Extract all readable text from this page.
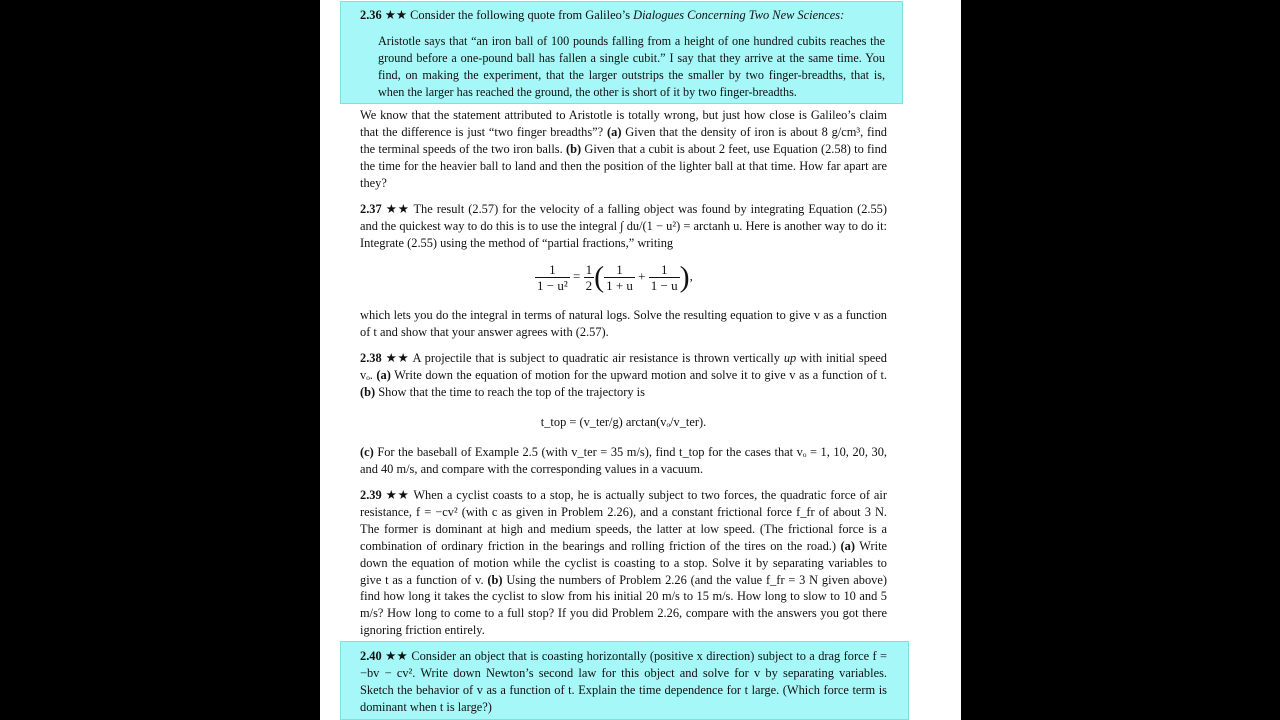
2.36 ★★ Consider the following quote from Galileo’s Dialogues Concerning Two New Sciences:

Aristotle says that “an iron ball of 100 pounds falling from a height of one hundred cubits reaches the ground before a one-pound ball has fallen a single cubit.” I say that they arrive at the same time. You find, on making the experiment, that the larger outstrips the smaller by two finger-breadths, that is, when the larger has reached the ground, the other is short of it by two finger-breadths.

We know that the statement attributed to Aristotle is totally wrong, but just how close is Galileo’s claim that the difference is just “two finger breadths”? (a) Given that the density of iron is about 8 g/cm³, find the terminal speeds of the two iron balls. (b) Given that a cubit is about 2 feet, use Equation (2.58) to find the time for the heavier ball to land and then the position of the lighter ball at that time. How far apart are they?

2.37 ★★ The result (2.57) for the velocity of a falling object was found by integrating Equation (2.55) and the quickest way to do this is to use the integral ∫ du/(1 − u²) = arctanh u. Here is another way to do it: Integrate (2.55) using the method of “partial fractions,” writing

$\frac{1}{\text{1 − u²}} = \frac{1}{2}$ ( $\frac{1}{1 + u} + \frac{1}{1 - u}$ ),

which lets you do the integral in terms of natural logs. Solve the resulting equation to give v as a function of t and show that your answer agrees with (2.57).

2.38 ★★ A projectile that is subject to quadratic air resistance is thrown vertically up with initial speed vₒ. (a) Write down the equation of motion for the upward motion and solve it to give v as a function of t. (b) Show that the time to reach the top of the trajectory is

t_top = (v_ter/g) arctan(vₒ/v_ter).

(c) For the baseball of Example 2.5 (with v_ter = 35 m/s), find t_top for the cases that vₒ = 1, 10, 20, 30, and 40 m/s, and compare with the corresponding values in a vacuum.

2.39 ★★ When a cyclist coasts to a stop, he is actually subject to two forces, the quadratic force of air resistance, f = −cv² (with c as given in Problem 2.26), and a constant frictional force f_fr of about 3 N. The former is dominant at high and medium speeds, the latter at low speed. (The frictional force is a combination of ordinary friction in the bearings and rolling friction of the tires on the road.) (a) Write down the equation of motion while the cyclist is coasting to a stop. Solve it by separating variables to give t as a function of v. (b) Using the numbers of Problem 2.26 (and the value f_fr = 3 N given above) find how long it takes the cyclist to slow from his initial 20 m/s to 15 m/s. How long to slow to 10 and 5 m/s? How long to come to a full stop? If you did Problem 2.26, compare with the answers you got there ignoring friction entirely.

2.40 ★★ Consider an object that is coasting horizontally (positive x direction) subject to a drag force f = −bv − cv². Write down Newton’s second law for this object and solve for v by separating variables. Sketch the behavior of v as a function of t. Explain the time dependence for t large. (Which force term is dominant when t is large?)
